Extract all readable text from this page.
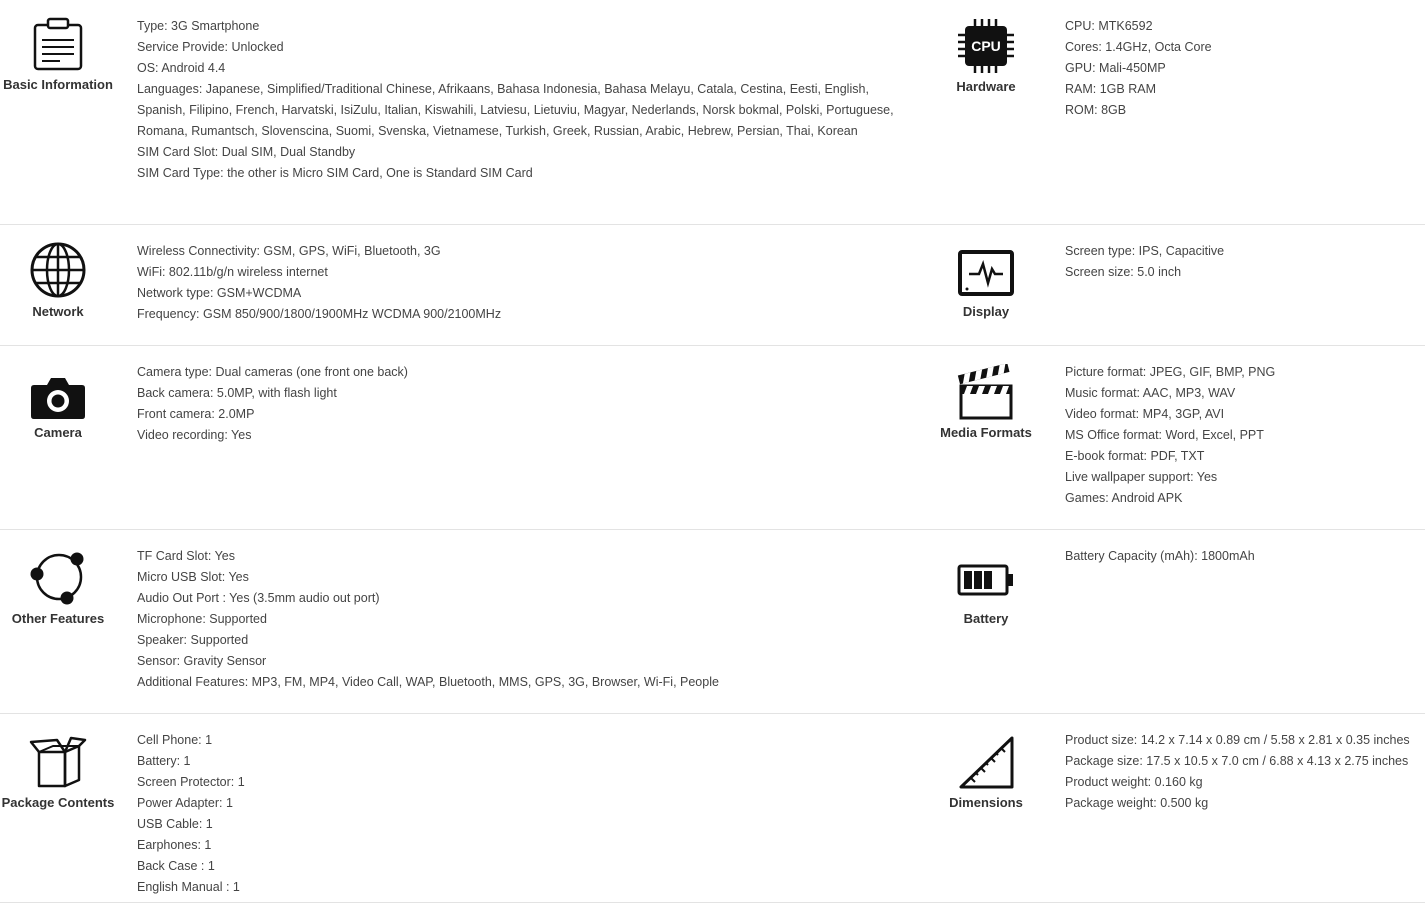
Basic Information
Type: 3G Smartphone
Service Provide: Unlocked
OS: Android 4.4
Languages: Japanese, Simplified/Traditional Chinese, Afrikaans, Bahasa Indonesia, Bahasa Melayu, Catala, Cestina, Eesti, English, Spanish, Filipino, French, Harvatski, IsiZulu, Italian, Kiswahili, Latviesu, Lietuviu, Magyar, Nederlands, Norsk bokmal, Polski, Portuguese, Romana, Rumantsch, Slovenscina, Suomi, Svenska, Vietnamese, Turkish, Greek, Russian, Arabic, Hebrew, Persian, Thai, Korean
SIM Card Slot: Dual SIM, Dual Standby
SIM Card Type: the other is Micro SIM Card, One is Standard SIM Card
CPU
Hardware
CPU: MTK6592
Cores: 1.4GHz, Octa Core
GPU: Mali-450MP
RAM: 1GB RAM
ROM: 8GB
Network
Wireless Connectivity: GSM, GPS, WiFi, Bluetooth, 3G
WiFi: 802.11b/g/n wireless internet
Network type: GSM+WCDMA
Frequency: GSM 850/900/1800/1900MHz WCDMA 900/2100MHz	Display
Screen type: IPS, Capacitive
Screen size: 5.0 inch
Camera
Camera type: Dual cameras (one front one back)
Back camera: 5.0MP, with flash light
Front camera: 2.0MP
Video recording: Yes	Media Formats
Picture format: JPEG, GIF, BMP, PNG
Music format: AAC, MP3, WAV
Video format: MP4, 3GP, AVI
MS Office format: Word, Excel, PPT
E-book format: PDF, TXT
Live wallpaper support: Yes
Games: Android APK
Other Features
TF Card Slot: Yes
Micro USB Slot: Yes
Audio Out Port : Yes (3.5mm audio out port)
Microphone: Supported
Speaker: Supported
Sensor: Gravity Sensor
Additional Features: MP3, FM, MP4, Video Call, WAP, Bluetooth, MMS, GPS, 3G, Browser, Wi-Fi, People
Battery
Battery Capacity (mAh): 1800mAh
Package Contents
Cell Phone: 1
Battery: 1
Screen Protector: 1
Power Adapter: 1
USB Cable: 1
Earphones: 1
Back Case : 1
English Manual : 1
Dimensions
Product size: 14.2 x 7.14 x 0.89 cm / 5.58 x 2.81 x 0.35 inches
Package size: 17.5 x 10.5 x 7.0 cm / 6.88 x 4.13 x 2.75 inches
Product weight: 0.160 kg
Package weight: 0.500 kg
